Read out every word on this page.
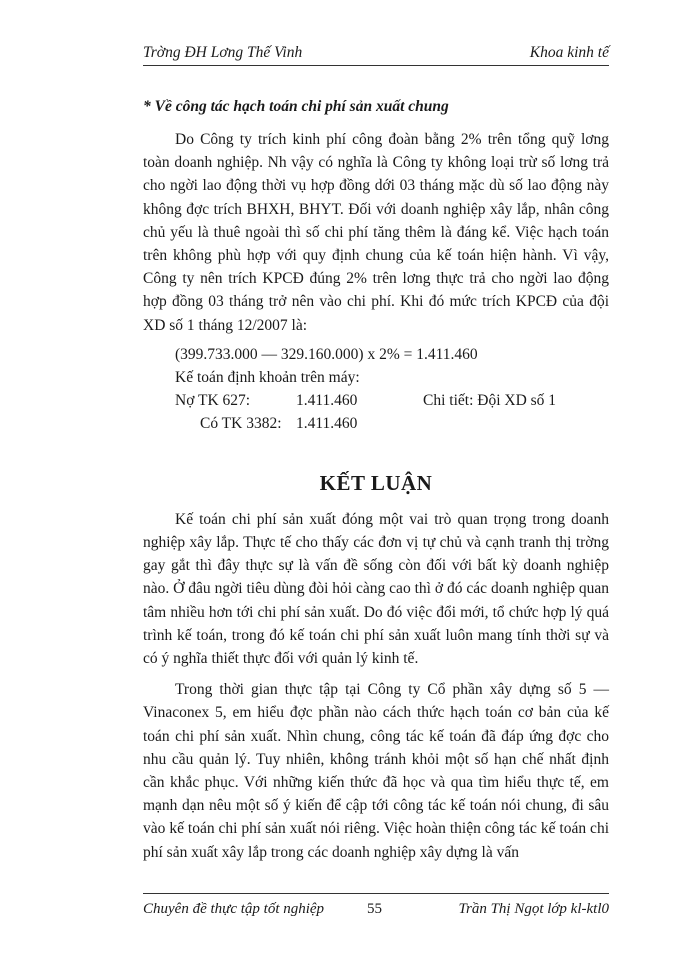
Trờng ĐH Lơng Thế Vinh	Khoa kinh tế
* Về công tác hạch toán chi phí sản xuất chung

Do Công ty trích kinh phí công đoàn bằng 2% trên tổng quỹ lơng toàn doanh nghiệp. Nh vậy có nghĩa là Công ty không loại trừ số lơng trả cho ngời lao động thời vụ hợp đồng dới 03 tháng mặc dù số lao động này không đợc trích BHXH, BHYT. Đối với doanh nghiệp xây lắp, nhân công chủ yếu là thuê ngoài thì số chi phí tăng thêm là đáng kể. Việc hạch toán trên không phù hợp với quy định chung của kế toán hiện hành. Vì vậy, Công ty nên trích KPCĐ đúng 2% trên lơng thực trả cho ngời lao động hợp đồng 03 tháng trở nên vào chi phí. Khi đó mức trích KPCĐ của đội XD số 1 tháng 12/2007 là:

(399.733.000 — 329.160.000) x 2% = 1.411.460
Kế toán định khoản trên máy:
Nợ TK 627:	1.411.460	Chi tiết: Đội XD số 1
Có TK 3382: 1.411.460
KẾT LUẬN

Kế toán chi phí sản xuất đóng một vai trò quan trọng trong doanh nghiệp xây lắp. Thực tế cho thấy các đơn vị tự chủ và cạnh tranh thị trờng gay gắt thì đây thực sự là vấn đề sống còn đối với bất kỳ doanh nghiệp nào. Ở đâu ngời tiêu dùng đòi hỏi càng cao thì ở đó các doanh nghiệp quan tâm nhiều hơn tới chi phí sản xuất. Do đó việc đổi mới, tổ chức hợp lý quá trình kế toán, trong đó kế toán chi phí sản xuất luôn mang tính thời sự và có ý nghĩa thiết thực đối với quản lý kinh tế.

Trong thời gian thực tập tại Công ty Cổ phần xây dựng số 5 — Vinaconex 5, em hiểu đợc phần nào cách thức hạch toán cơ bản của kế toán chi phí sản xuất. Nhìn chung, công tác kế toán đã đáp ứng đợc cho nhu cầu quản lý. Tuy nhiên, không tránh khỏi một số hạn chế nhất định cần khắc phục. Với những kiến thức đã học và qua tìm hiểu thực tế, em mạnh dạn nêu một số ý kiến để cập tới công tác kế toán nói chung, đi sâu vào kế toán chi phí sản xuất nói riêng. Việc hoàn thiện công tác kế toán chi phí sản xuất xây lắp trong các doanh nghiệp xây dựng là vấn

Chuyên đề thực tập tốt nghiệp	55	Trần Thị Ngọt lớp kl-ktl0
